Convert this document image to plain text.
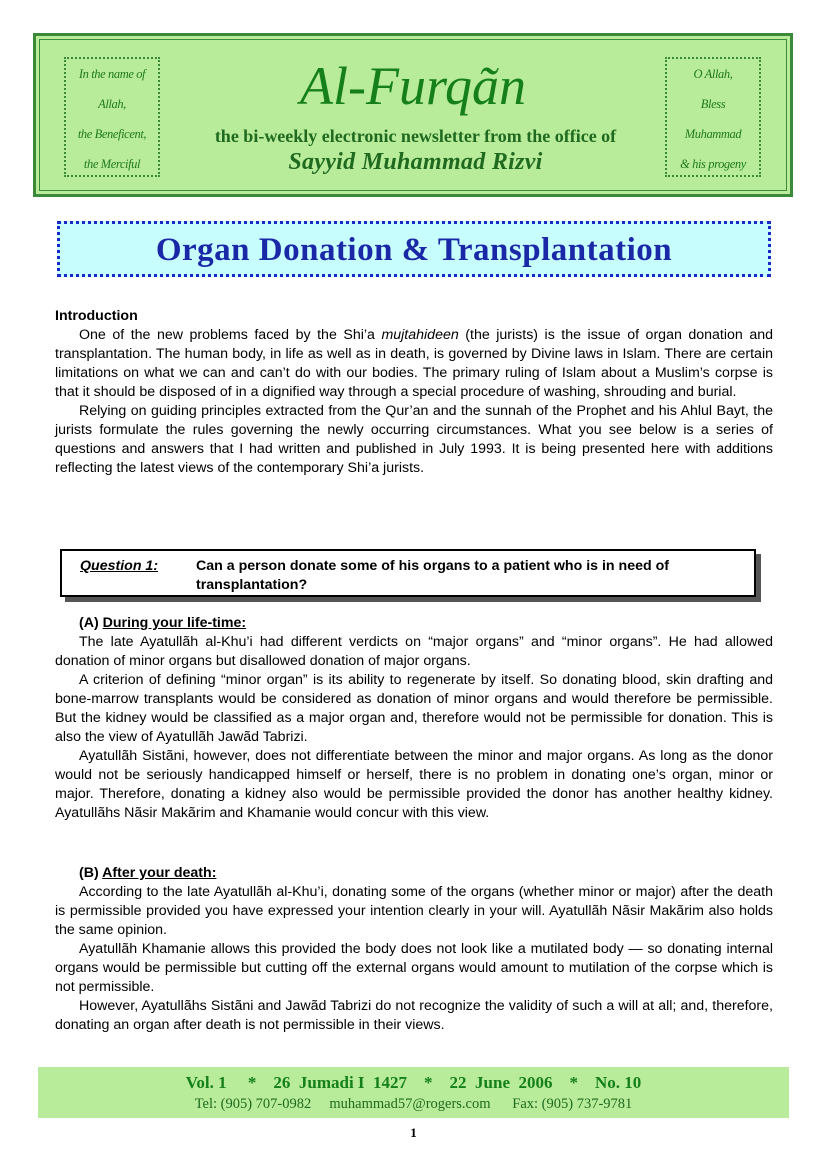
In the name of
Allah,
the Beneficent,
the Merciful
Al-Furqãn
the bi-weekly electronic newsletter from the office of
Sayyid Muhammad Rizvi
O Allah,
Bless
Muhammad
& his progeny
Organ Donation & Transplantation
Introduction

One of the new problems faced by the Shi’a mujtahideen (the jurists) is the issue of organ donation and transplantation. The human body, in life as well as in death, is governed by Divine laws in Islam. There are certain limitations on what we can and can’t do with our bodies. The primary ruling of Islam about a Muslim’s corpse is that it should be disposed of in a dignified way through a special procedure of washing, shrouding and burial.

Relying on guiding principles extracted from the Qur’an and the sunnah of the Prophet and his Ahlul Bayt, the jurists formulate the rules governing the newly occurring circumstances. What you see below is a series of questions and answers that I had written and published in July 1993. It is being presented here with additions reflecting the latest views of the contemporary Shi’a jurists.

Question 1:	Can a person donate some of his organs to a patient who is in need of transplantation?
(A) During your life-time:

The late Ayatullãh al-Khu’i had different verdicts on “major organs” and “minor organs”. He had allowed donation of minor organs but disallowed donation of major organs.

A criterion of defining “minor organ” is its ability to regenerate by itself. So donating blood, skin drafting and bone-marrow transplants would be considered as donation of minor organs and would therefore be permissible. But the kidney would be classified as a major organ and, therefore would not be permissible for donation. This is also the view of Ayatullãh Jawãd Tabrizi.

Ayatullãh Sistãni, however, does not differentiate between the minor and major organs. As long as the donor would not be seriously handicapped himself or herself, there is no problem in donating one’s organ, minor or major. Therefore, donating a kidney also would be permissible provided the donor has another healthy kidney. Ayatullãhs Nãsir Makãrim and Khamanie would concur with this view.

(B) After your death:

According to the late Ayatullãh al-Khu’i, donating some of the organs (whether minor or major) after the death is permissible provided you have expressed your intention clearly in your will. Ayatullãh Nãsir Makãrim also holds the same opinion.

Ayatullãh Khamanie allows this provided the body does not look like a mutilated body — so donating internal organs would be permissible but cutting off the external organs would amount to mutilation of the corpse which is not permissible.

However, Ayatullãhs Sistãni and Jawãd Tabrizi do not recognize the validity of such a will at all; and, therefore, donating an organ after death is not permissible in their views.

Vol. 1     *    26  Jumadi I  1427    *    22  June  2006    *    No. 10
Tel: (905) 707-0982     muhammad57@rogers.com      Fax: (905) 737-9781
1
